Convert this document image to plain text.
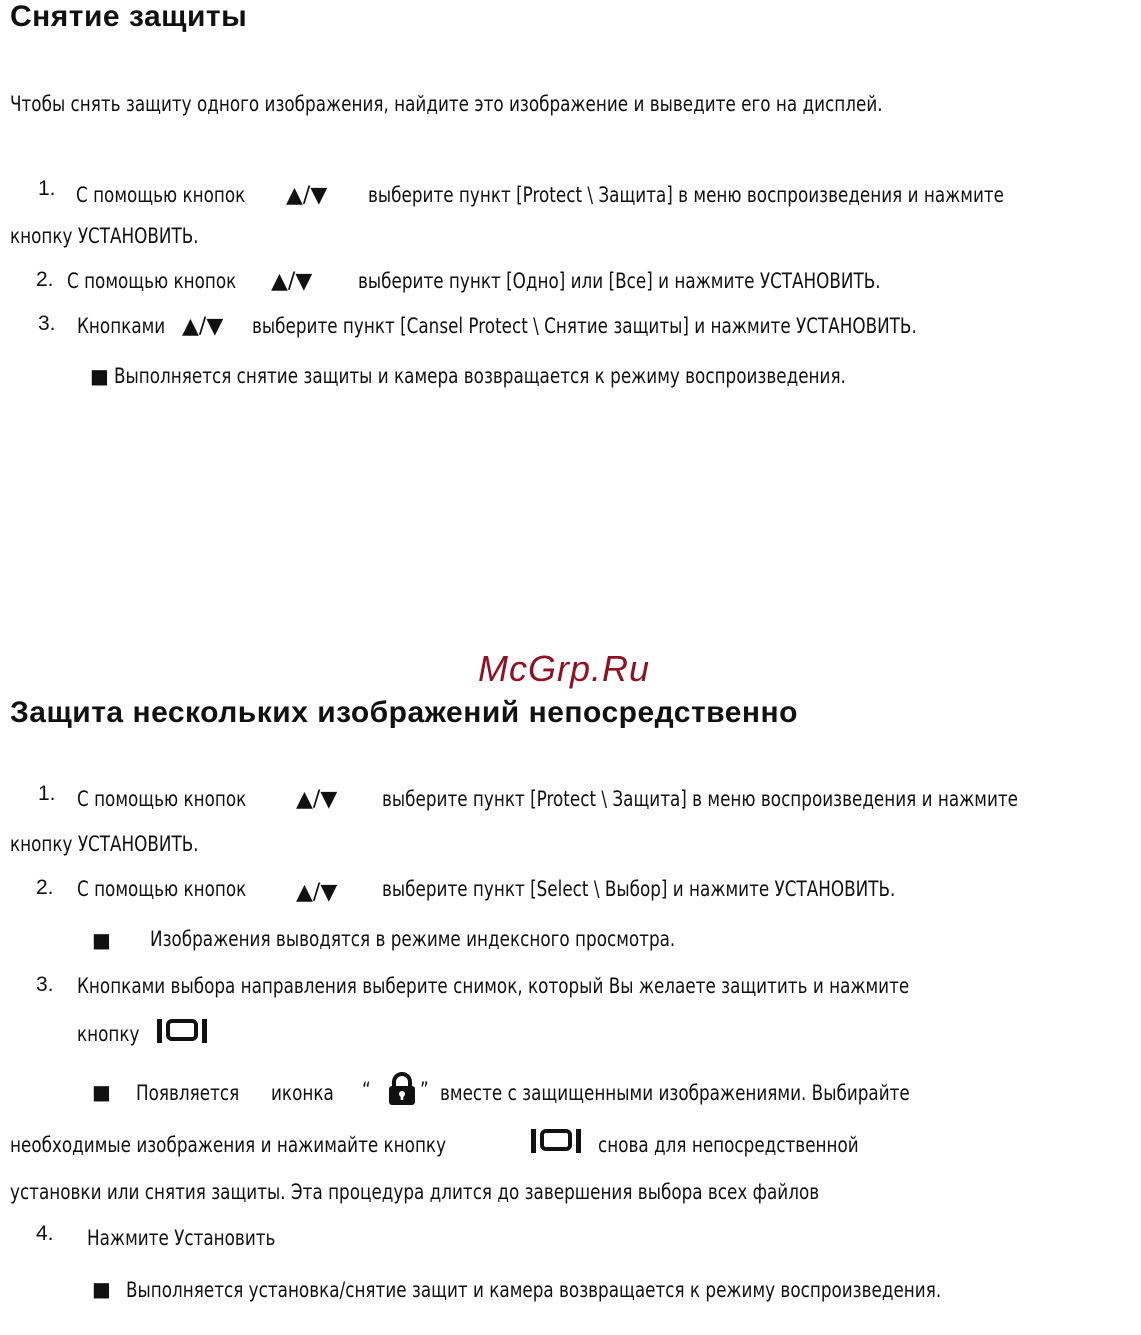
Снятие защиты
Чтобы снять защиту одного изображения, найдите это изображение и выведите его на дисплей.
1. С помощью кнопок ▲/▼ выберите пункт [Protect \ Защита] в меню воспроизведения и нажмите
кнопку УСТАНОВИТЬ.
2. С помощью кнопок ▲/▼ выберите пункт [Одно] или [Все] и нажмите УСТАНОВИТЬ.
3. Кнопками ▲/▼ выберите пункт [Cansel Protect \ Снятие защиты] и нажмите УСТАНОВИТЬ.
■ Выполняется снятие защиты и камера возвращается к режиму воспроизведения.
McGrp.Ru
Защита нескольких изображений непосредственно
1. С помощью кнопок ▲/▼ выберите пункт [Protect \ Защита] в меню воспроизведения и нажмите
кнопку УСТАНОВИТЬ.
2. С помощью кнопок ▲/▼ выберите пункт [Select \ Выбор] и нажмите УСТАНОВИТЬ.
■ Изображения выводятся в режиме индексного просмотра.
3. Кнопками выбора направления выберите снимок, который Вы желаете защитить и нажмите
кнопку
■ Появляется иконка “ ” вместе с защищенными изображениями. Выбирайте
необходимые изображения и нажимайте кнопку	снова для непосредственной
установки или снятия защиты. Эта процедура длится до завершения выбора всех файлов
4. Нажмите Установить
■ Выполняется установка/снятие защит и камера возвращается к режиму воспроизведения.
